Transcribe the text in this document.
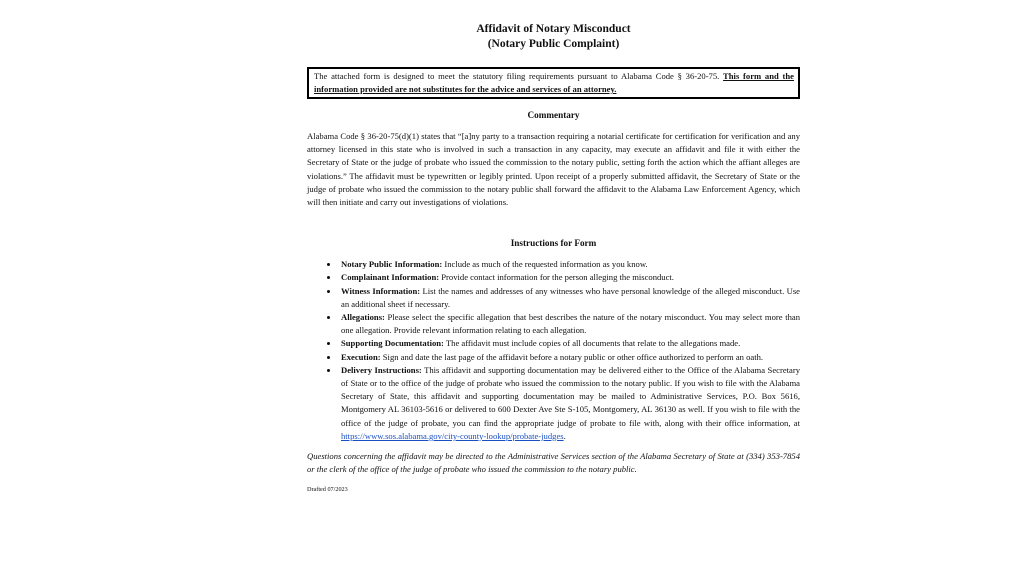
Affidavit of Notary Misconduct
(Notary Public Complaint)
The attached form is designed to meet the statutory filing requirements pursuant to Alabama Code § 36-20-75. This form and the information provided are not substitutes for the advice and services of an attorney.
Commentary
Alabama Code § 36-20-75(d)(1) states that “[a]ny party to a transaction requiring a notarial certificate for certification for verification and any attorney licensed in this state who is involved in such a transaction in any capacity, may execute an affidavit and file it with either the Secretary of State or the judge of probate who issued the commission to the notary public, setting forth the action which the affiant alleges are violations.” The affidavit must be typewritten or legibly printed. Upon receipt of a properly submitted affidavit, the Secretary of State or the judge of probate who issued the commission to the notary public shall forward the affidavit to the Alabama Law Enforcement Agency, which will then initiate and carry out investigations of violations.
Instructions for Form
• Notary Public Information: Include as much of the requested information as you know.
• Complainant Information: Provide contact information for the person alleging the misconduct.
• Witness Information: List the names and addresses of any witnesses who have personal knowledge of the alleged misconduct. Use an additional sheet if necessary.
• Allegations: Please select the specific allegation that best describes the nature of the notary misconduct. You may select more than one allegation. Provide relevant information relating to each allegation.
• Supporting Documentation: The affidavit must include copies of all documents that relate to the allegations made.
• Execution: Sign and date the last page of the affidavit before a notary public or other office authorized to perform an oath.
• Delivery Instructions: This affidavit and supporting documentation may be delivered either to the Office of the Alabama Secretary of State or to the office of the judge of probate who issued the commission to the notary public. If you wish to file with the Alabama Secretary of State, this affidavit and supporting documentation may be mailed to Administrative Services, P.O. Box 5616, Montgomery AL 36103-5616 or delivered to 600 Dexter Ave Ste S-105, Montgomery, AL 36130 as well. If you wish to file with the office of the judge of probate, you can find the appropriate judge of probate to file with, along with their office information, at https://www.sos.alabama.gov/city-county-lookup/probate-judges.
Questions concerning the affidavit may be directed to the Administrative Services section of the Alabama Secretary of State at (334) 353-7854 or the clerk of the office of the judge of probate who issued the commission to the notary public.
Drafted 07/2023
